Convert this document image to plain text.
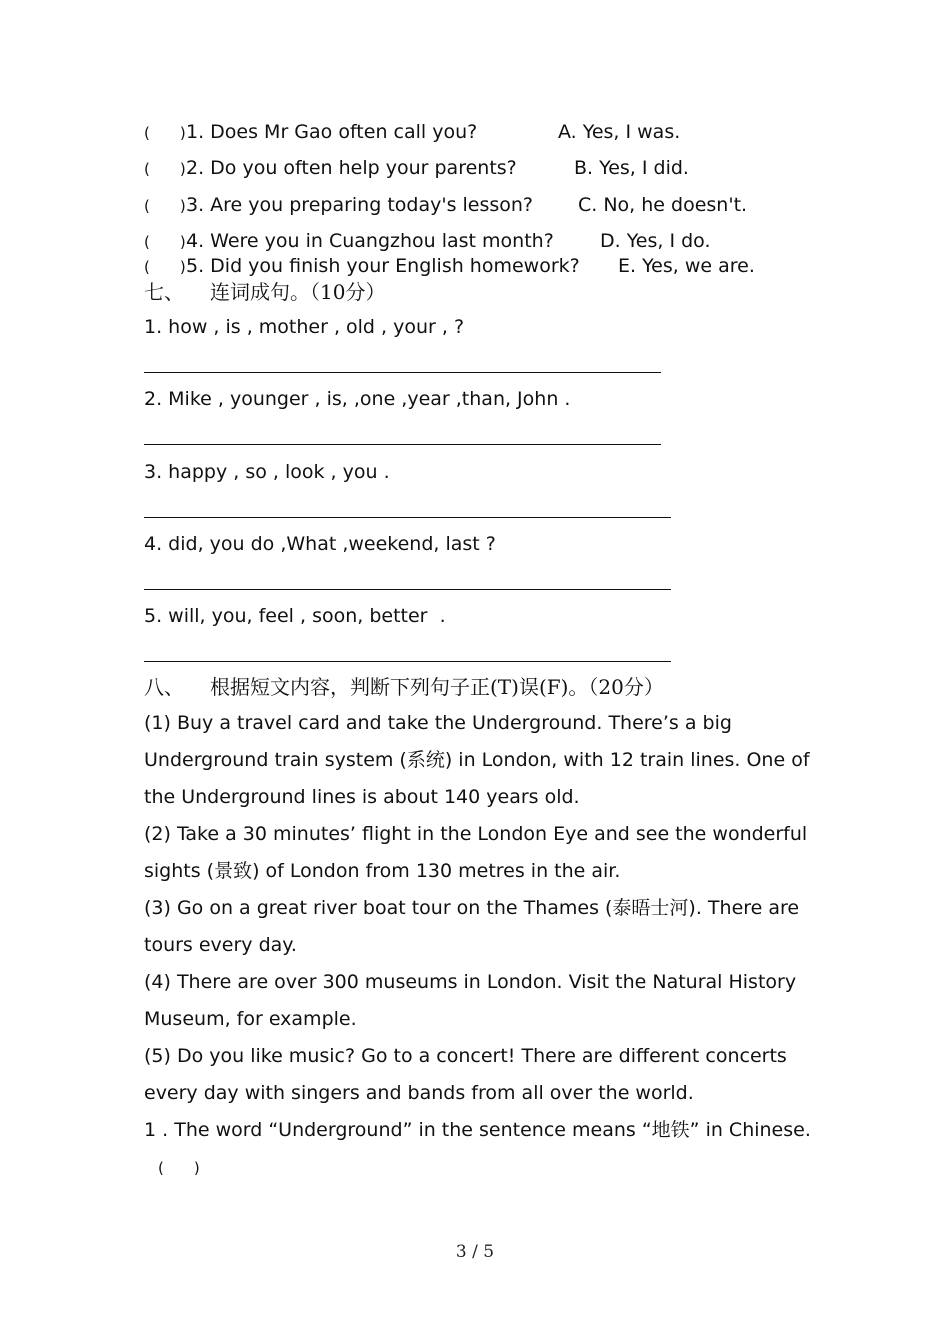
(　　)1. Does Mr Gao often call you?	A. Yes, I was.
(　　)2. Do you often help your parents?	B. Yes, I did.
(　　)3. Are you preparing today's lesson? C. No, he doesn't.
(　　)4. Were you in Cuangzhou last month? D. Yes, I do.
(　　)5. Did you finish your English homework? E. Yes, we are.
七、 连词成句。（10分）
1. how , is , mother , old , your , ?
2. Mike , younger , is, ,one ,year ,than, John .
3. happy , so , look , you .
4. did, you do ,What ,weekend, last ?
5. will, you, feel , soon, better  .
八、 根据短文内容，判断下列句子正(T)误(F)。（20分）
(1) Buy a travel card and take the Underground. There’s a big Underground train system (系统) in London, with 12 train lines. One of the Underground lines is about 140 years old.
(2) Take a 30 minutes’ flight in the London Eye and see the wonderful sights (景致) of London from 130 metres in the air.
(3) Go on a great river boat tour on the Thames (泰晤士河). There are tours every day.
(4) There are over 300 museums in London. Visit the Natural History Museum, for example.
(5) Do you like music? Go to a concert! There are different concerts every day with singers and bands from all over the world.
1 . The word “Underground” in the sentence means “地铁” in Chinese.(　　)
3 / 5
